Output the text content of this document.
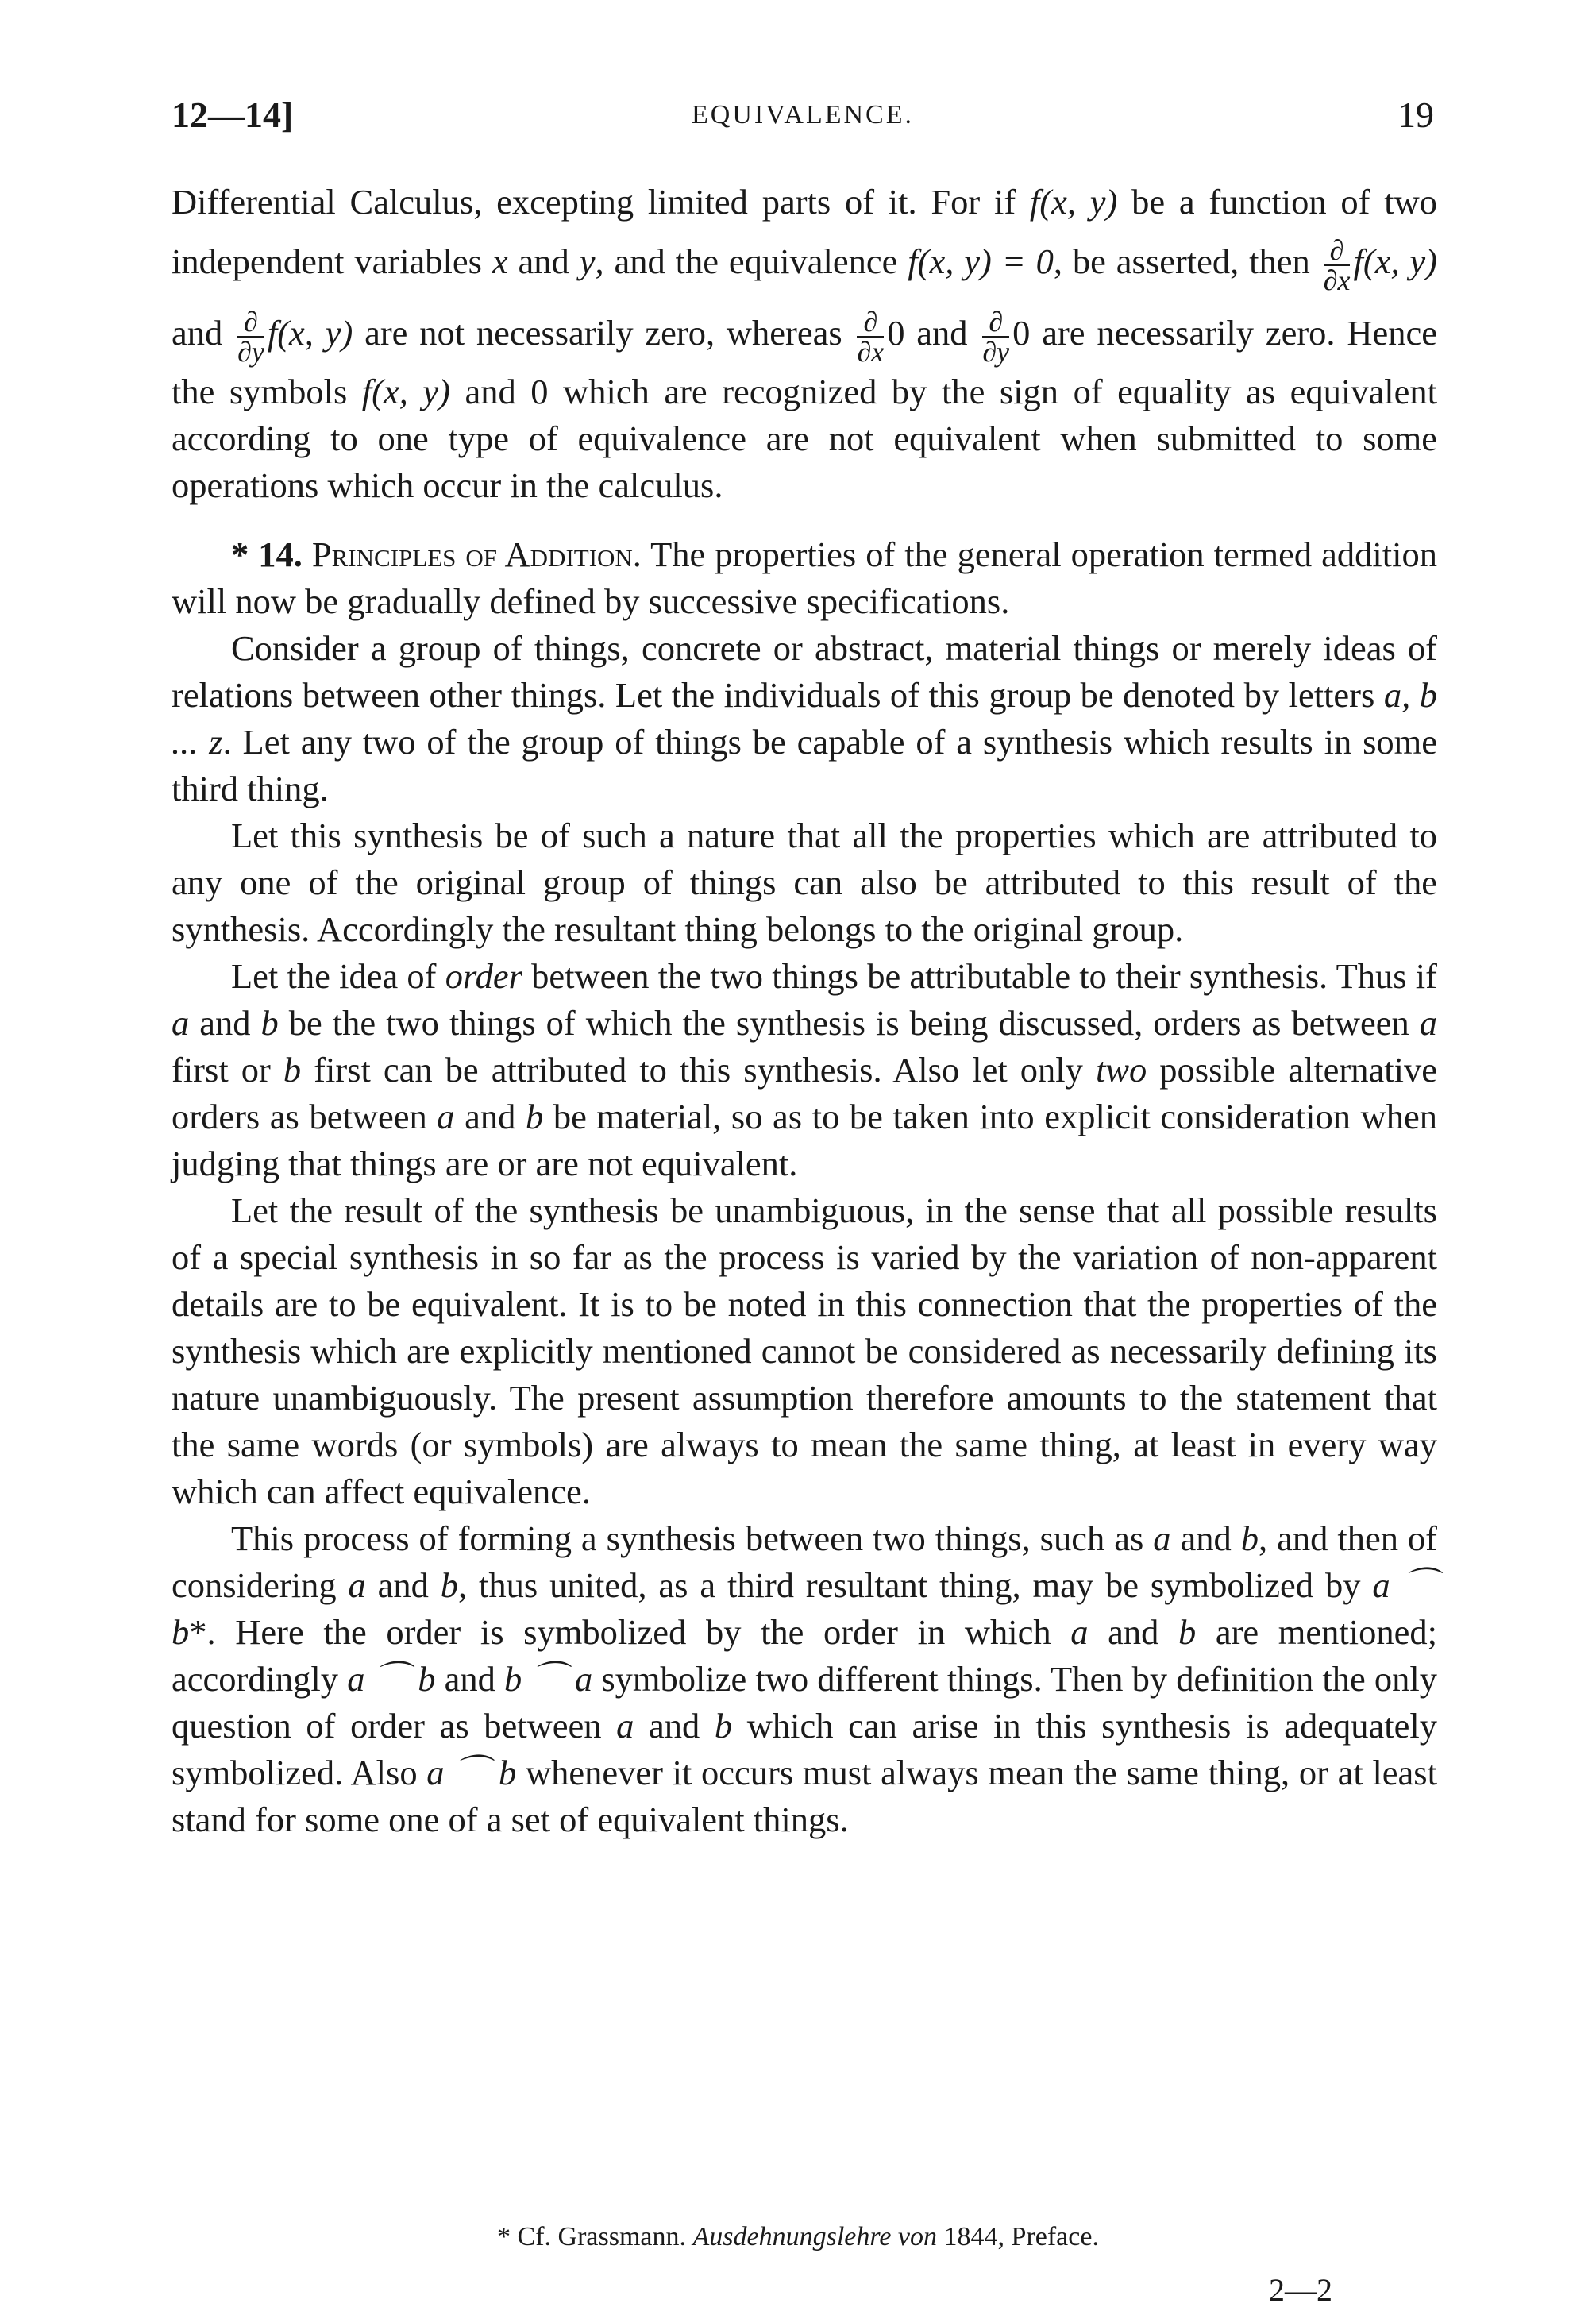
12—14]	EQUIVALENCE.	19

Differential Calculus, excepting limited parts of it. For if f(x, y) be a function of two independent variables x and y, and the equivalence f(x, y) = 0, be asserted, then $\frac{\partial}{\partial x} f(x$, y) and $\frac{\partial}{\partial y} f(x$, y) are not necessarily zero, whereas $\frac{\partial}{\partial x} 0$ and $\frac{\partial}{\partial y} 0$ are necessarily zero. Hence the symbols f(x, y) and 0 which are recognized by the sign of equality as equivalent according to one type of equivalence are not equivalent when submitted to some operations which occur in the calculus.

* 14. Principles of Addition. The properties of the general operation termed addition will now be gradually defined by successive specifications.

Consider a group of things, concrete or abstract, material things or merely ideas of relations between other things. Let the individuals of this group be denoted by letters a, b ... z. Let any two of the group of things be capable of a synthesis which results in some third thing.

Let this synthesis be of such a nature that all the properties which are attributed to any one of the original group of things can also be attributed to this result of the synthesis. Accordingly the resultant thing belongs to the original group.

Let the idea of order between the two things be attributable to their synthesis. Thus if a and b be the two things of which the synthesis is being discussed, orders as between a first or b first can be attributed to this synthesis. Also let only two possible alternative orders as between a and b be material, so as to be taken into explicit consideration when judging that things are or are not equivalent.

Let the result of the synthesis be unambiguous, in the sense that all possible results of a special synthesis in so far as the process is varied by the variation of non-apparent details are to be equivalent. It is to be noted in this connection that the properties of the synthesis which are explicitly mentioned cannot be considered as necessarily defining its nature unambiguously. The present assumption therefore amounts to the statement that the same words (or symbols) are always to mean the same thing, at least in every way which can affect equivalence.

This process of forming a synthesis between two things, such as a and b, and then of considering a and b, thus united, as a third resultant thing, may be symbolized by a ⌒ b*. Here the order is symbolized by the order in which a and b are mentioned; accordingly a ⌒ b and b ⌒ a symbolize two different things. Then by definition the only question of order as between a and b which can arise in this synthesis is adequately symbolized. Also a ⌒ b whenever it occurs must always mean the same thing, or at least stand for some one of a set of equivalent things.

* Cf. Grassmann. Ausdehnungslehre von 1844, Preface.
2—2
